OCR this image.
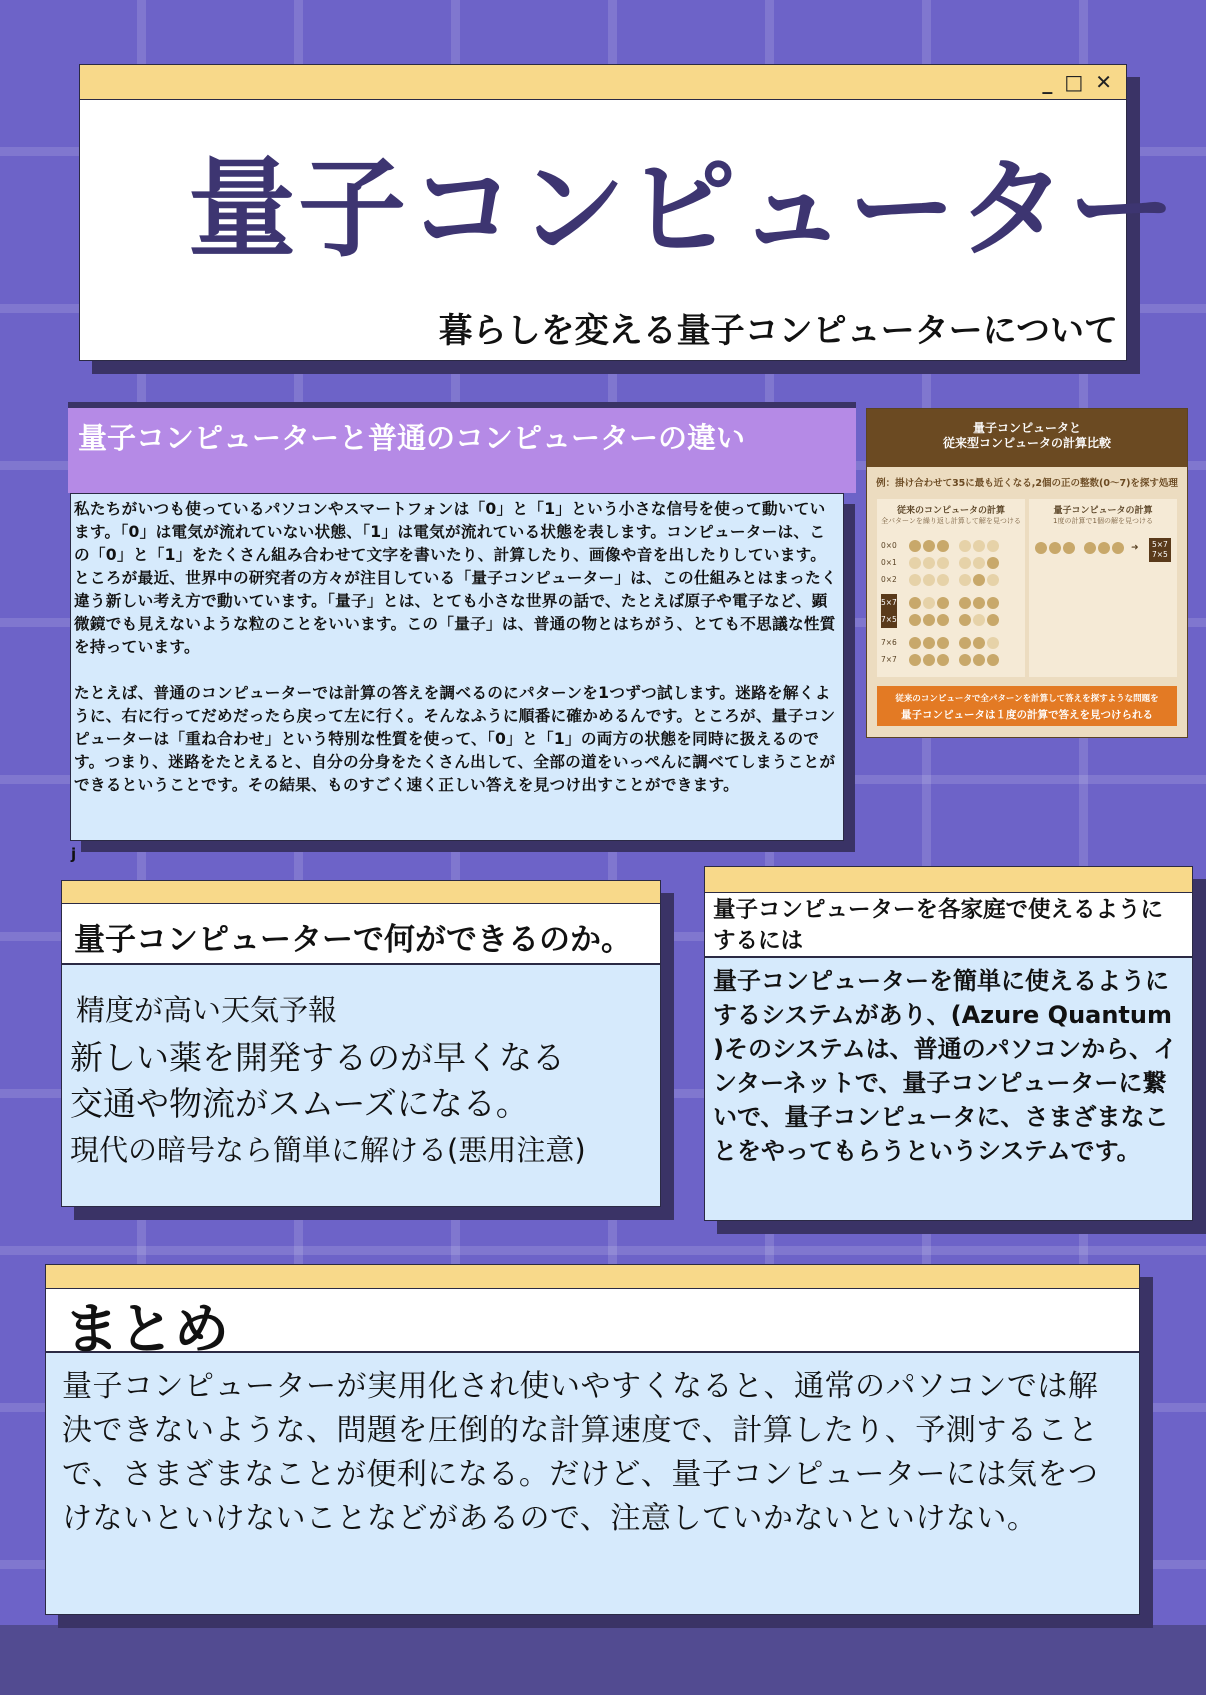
_ □ ✕
量子コンピューター
暮らしを変える量子コンピューターについて
量子コンピューターと普通のコンピューターの違い

私たちがいつも使っているパソコンやスマートフォンは「0」と「1」という小さな信号を使って動いています。「0」は電気が流れていない状態、「1」は電気が流れている状態を表します。コンピューターは、この「0」と「1」をたくさん組み合わせて文字を書いたり、計算したり、画像や音を出したりしています。

ところが最近、世界中の研究者の方々が注目している「量子コンピューター」は、この仕組みとはまったく違う新しい考え方で動いています。「量子」とは、とても小さな世界の話で、たとえば原子や電子など、顕微鏡でも見えないような粒のことをいいます。この「量子」は、普通の物とはちがう、とても不思議な性質を持っています。

たとえば、普通のコンピューターでは計算の答えを調べるのにパターンを1つずつ試します。迷路を解くように、右に行ってだめだったら戻って左に行く。そんなふうに順番に確かめるんです。ところが、量子コンピューターは「重ね合わせ」という特別な性質を使って、「0」と「1」の両方の状態を同時に扱えるのです。つまり、迷路をたとえると、自分の分身をたくさん出して、全部の道をいっぺんに調べてしまうことができるということです。その結果、ものすごく速く正しい答えを見つけ出すことができます。

j
量子コンピュータと
従来型コンピュータの計算比較
例：掛け合わせて35に最も近くなる,2個の正の整数(0〜7)を探す処理
従来のコンピュータの計算
全パターンを繰り返し計算して解を見つける
0×0
0×1
0×2
5×7
7×5
7×6
7×7
量子コンピュータの計算
1度の計算で1個の解を見つける
➜ 5×7
7×5
従来のコンピュータで全パターンを計算して答えを探すような問題を
量子コンピュータは１度の計算で答えを見つけられる
量子コンピューターで何ができるのか。
精度が高い天気予報
新しい薬を開発するのが早くなる
交通や物流がスムーズになる。
現代の暗号なら簡単に解ける(悪用注意)
量子コンピューターを各家庭で使えるようにするには
量子コンピューターを簡単に使えるようにするシステムがあり、(Azure Quantum )そのシステムは、普通のパソコンから、インターネットで、量子コンピューターに繋いで、量子コンピュータに、さまざまなことをやってもらうというシステムです。
まとめ
量子コンピューターが実用化され使いやすくなると、通常のパソコンでは解決できないような、問題を圧倒的な計算速度で、計算したり、予測することで、さまざまなことが便利になる。だけど、量子コンピューターには気をつけないといけないことなどがあるので、注意していかないといけない。
